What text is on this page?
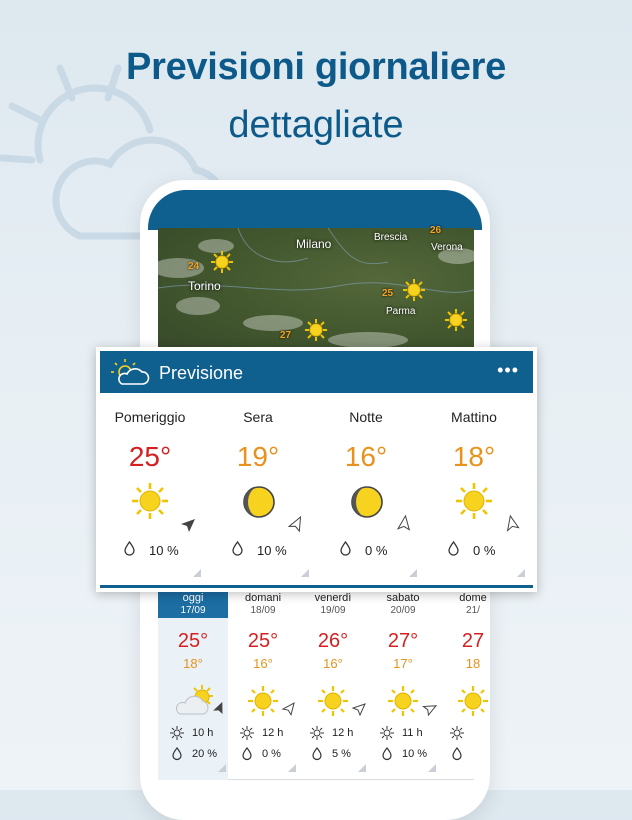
Previsioni giornaliere
dettagliate
Milano	Brescia
Verona
Torino
Parma
24
26
25
27
oggi
17/09
25°
18°
10 h
20 %
domani
18/09
25°
16°
12 h
0 %
venerdì
19/09
26°
16°
12 h
5 %
sabato
20/09
27°
17°
11 h
10 %
dome
21/
27
18
Previsione	•••
Pomeriggio
25°
10 %
Sera
19°
10 %
Notte
16°
0 %
Mattino
18°
0 %
